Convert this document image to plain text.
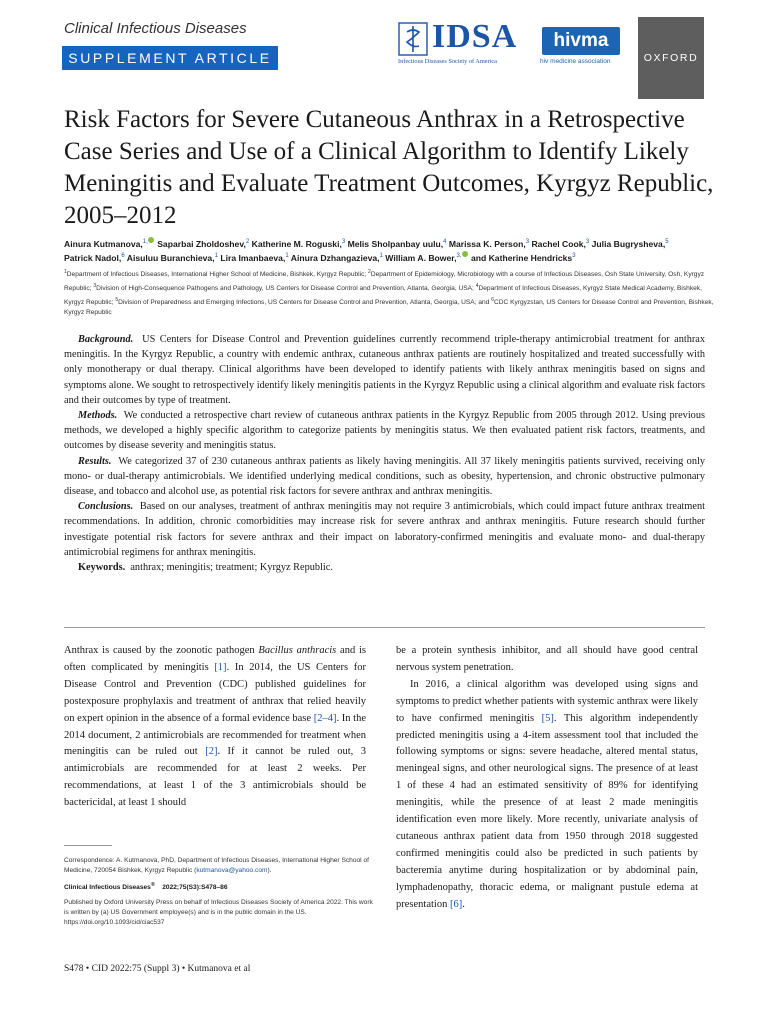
Clinical Infectious Diseases
SUPPLEMENT ARTICLE
IDSA
Infectious Diseases Society of America
hivma
hiv medicine association	OXFORD
Risk Factors for Severe Cutaneous Anthrax in a Retrospective Case Series and Use of a Clinical Algorithm to Identify Likely Meningitis and Evaluate Treatment Outcomes, Kyrgyz Republic, 2005–2012
Ainura Kutmanova,$^{1,}$ Saparbai Zholdoshev,$^2$ Katherine M. Roguski,$^3$ Melis Sholpanbay uulu,$^4$ Marissa K. Person,$^3$ Rachel Cook,$^3$ Julia Bugrysheva,$^5$
Patrick Nadol,$^6$ Aisuluu Buranchieva,$^1$ Lira Imanbaeva,$^1$ Ainura Dzhangazieva,$^1$ William A. Bower,$^{3,}$ and Katherine Hendricks$^3$
$^1$Department of Infectious Diseases, International Higher School of Medicine, Bishkek, Kyrgyz Republic; $^2$Department of Epidemiology, Microbiology with a course of Infectious Diseases, Osh State University, Osh, Kyrgyz Republic; $^3$Division of High-Consequence Pathogens and Pathology, US Centers for Disease Control and Prevention, Atlanta, Georgia, USA; $^4$Department of Infectious Diseases, Kyrgyz State Medical Academy, Bishkek, Kyrgyz Republic; $^5$Division of Preparedness and Emerging Infections, US Centers for Disease Control and Prevention, Atlanta, Georgia, USA; and $^6$CDC Kyrgyzstan, US Centers for Disease Control and Prevention, Bishkek, Kyrgyz Republic

Background. US Centers for Disease Control and Prevention guidelines currently recommend triple-therapy antimicrobial treatment for anthrax meningitis. In the Kyrgyz Republic, a country with endemic anthrax, cutaneous anthrax patients are routinely hospitalized and treated successfully with only monotherapy or dual therapy. Clinical algorithms have been developed to identify patients with likely anthrax meningitis based on signs and symptoms alone. We sought to retrospectively identify likely meningitis patients in the Kyrgyz Republic using a clinical algorithm and evaluate risk factors and their outcomes by type of treatment.

Methods. We conducted a retrospective chart review of cutaneous anthrax patients in the Kyrgyz Republic from 2005 through 2012. Using previous methods, we developed a highly specific algorithm to categorize patients by meningitis status. We then evaluated patient risk factors, treatments, and outcomes by disease severity and meningitis status.

Results. We categorized 37 of 230 cutaneous anthrax patients as likely having meningitis. All 37 likely meningitis patients survived, receiving only mono- or dual-therapy antimicrobials. We identified underlying medical conditions, such as obesity, hypertension, and chronic obstructive pulmonary disease, and tobacco and alcohol use, as potential risk factors for severe anthrax and anthrax meningitis.

Conclusions. Based on our analyses, treatment of anthrax meningitis may not require 3 antimicrobials, which could impact future anthrax treatment recommendations. In addition, chronic comorbidities may increase risk for severe anthrax and anthrax meningitis. Future research should further investigate potential risk factors for severe anthrax and their impact on laboratory-confirmed meningitis and evaluate mono- and dual-therapy antimicrobial regimens for anthrax meningitis.

Keywords. anthrax; meningitis; treatment; Kyrgyz Republic.

Anthrax is caused by the zoonotic pathogen Bacillus anthracis and is often complicated by meningitis [1]. In 2014, the US Centers for Disease Control and Prevention (CDC) published guidelines for postexposure prophylaxis and treatment of anthrax that relied heavily on expert opinion in the absence of a formal evidence base [2–4]. In the 2014 document, 2 antimicrobials are recommended for treatment when meningitis can be ruled out [2]. If it cannot be ruled out, 3 antimicrobials are recommended for at least 2 weeks. Per recommendations, at least 1 of the 3 antimicrobials should be bactericidal, at least 1 should

be a protein synthesis inhibitor, and all should have good central nervous system penetration.

In 2016, a clinical algorithm was developed using signs and symptoms to predict whether patients with systemic anthrax were likely to have confirmed meningitis [5]. This algorithm independently predicted meningitis using a 4-item assessment tool that included the following symptoms or signs: severe headache, altered mental status, meningeal signs, and other neurological signs. The presence of at least 1 of these 4 had an estimated sensitivity of 89% for identifying meningitis, while the presence of at least 2 made meningitis identification even more likely. More recently, univariate analysis of cutaneous anthrax patient data from 1950 through 2018 suggested confirmed meningitis could also be predicted in such patients by bacteremia anytime during hospitalization or by abdominal pain, lymphadenopathy, thoracic edema, or malignant pustule edema at presentation [6].

Correspondence: A. Kutmanova, PhD, Department of Infectious Diseases, International Higher School of Medicine, 720054 Bishkek, Kyrgyz Republic (kutmanova@yahoo.com).

Clinical Infectious Diseases® 2022;75(S3):S478–86

Published by Oxford University Press on behalf of Infectious Diseases Society of America 2022. This work is written by (a) US Government employee(s) and is in the public domain in the US.
https://doi.org/10.1093/cid/ciac537

S478 • CID 2022:75 (Suppl 3) • Kutmanova et al
